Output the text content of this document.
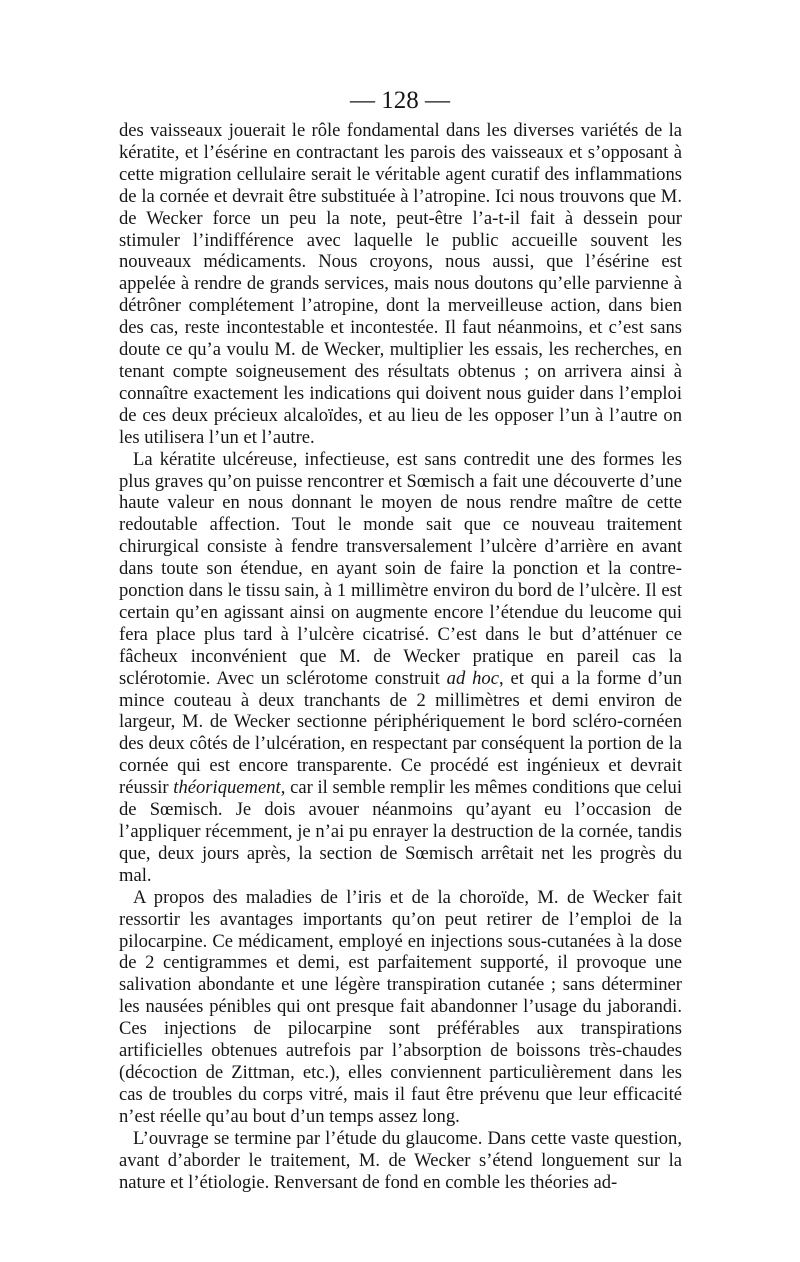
— 128 —

des vaisseaux jouerait le rôle fondamental dans les diverses variétés de la kératite, et l’ésérine en contractant les parois des vaisseaux et s’opposant à cette migration cellulaire serait le véritable agent curatif des inflammations de la cornée et devrait être substituée à l’atropine. Ici nous trouvons que M. de Wecker force un peu la note, peut-être l’a-t-il fait à dessein pour stimuler l’indifférence avec laquelle le public accueille souvent les nouveaux médicaments. Nous croyons, nous aussi, que l’ésérine est appelée à rendre de grands services, mais nous doutons qu’elle parvienne à détrôner complétement l’atropine, dont la merveilleuse action, dans bien des cas, reste incontestable et incontestée. Il faut néanmoins, et c’est sans doute ce qu’a voulu M. de Wecker, multiplier les essais, les recherches, en tenant compte soigneusement des résultats obtenus ; on arrivera ainsi à connaître exactement les indications qui doivent nous guider dans l’emploi de ces deux précieux alcaloïdes, et au lieu de les opposer l’un à l’autre on les utilisera l’un et l’autre.

La kératite ulcéreuse, infectieuse, est sans contredit une des formes les plus graves qu’on puisse rencontrer et Sœmisch a fait une découverte d’une haute valeur en nous donnant le moyen de nous rendre maître de cette redoutable affection. Tout le monde sait que ce nouveau traitement chirurgical consiste à fendre transversalement l’ulcère d’arrière en avant dans toute son étendue, en ayant soin de faire la ponction et la contre-ponction dans le tissu sain, à 1 millimètre environ du bord de l’ulcère. Il est certain qu’en agissant ainsi on augmente encore l’étendue du leucome qui fera place plus tard à l’ulcère cicatrisé. C’est dans le but d’atténuer ce fâcheux inconvénient que M. de Wecker pratique en pareil cas la sclérotomie. Avec un sclérotome construit ad hoc, et qui a la forme d’un mince couteau à deux tranchants de 2 millimètres et demi environ de largeur, M. de Wecker sectionne périphériquement le bord scléro-cornéen des deux côtés de l’ulcération, en respectant par conséquent la portion de la cornée qui est encore transparente. Ce procédé est ingénieux et devrait réussir théoriquement, car il semble remplir les mêmes conditions que celui de Sœmisch. Je dois avouer néanmoins qu’ayant eu l’occasion de l’appliquer récemment, je n’ai pu enrayer la destruction de la cornée, tandis que, deux jours après, la section de Sœmisch arrêtait net les progrès du mal.

A propos des maladies de l’iris et de la choroïde, M. de Wecker fait ressortir les avantages importants qu’on peut retirer de l’emploi de la pilocarpine. Ce médicament, employé en injections sous-cutanées à la dose de 2 centigrammes et demi, est parfaitement supporté, il provoque une salivation abondante et une légère transpiration cutanée ; sans déterminer les nausées pénibles qui ont presque fait abandonner l’usage du jaborandi. Ces injections de pilocarpine sont préférables aux transpirations artificielles obtenues autrefois par l’absorption de boissons très-chaudes (décoction de Zittman, etc.), elles conviennent particulièrement dans les cas de troubles du corps vitré, mais il faut être prévenu que leur efficacité n’est réelle qu’au bout d’un temps assez long.

L’ouvrage se termine par l’étude du glaucome. Dans cette vaste question, avant d’aborder le traitement, M. de Wecker s’étend longuement sur la nature et l’étiologie. Renversant de fond en comble les théories ad-
